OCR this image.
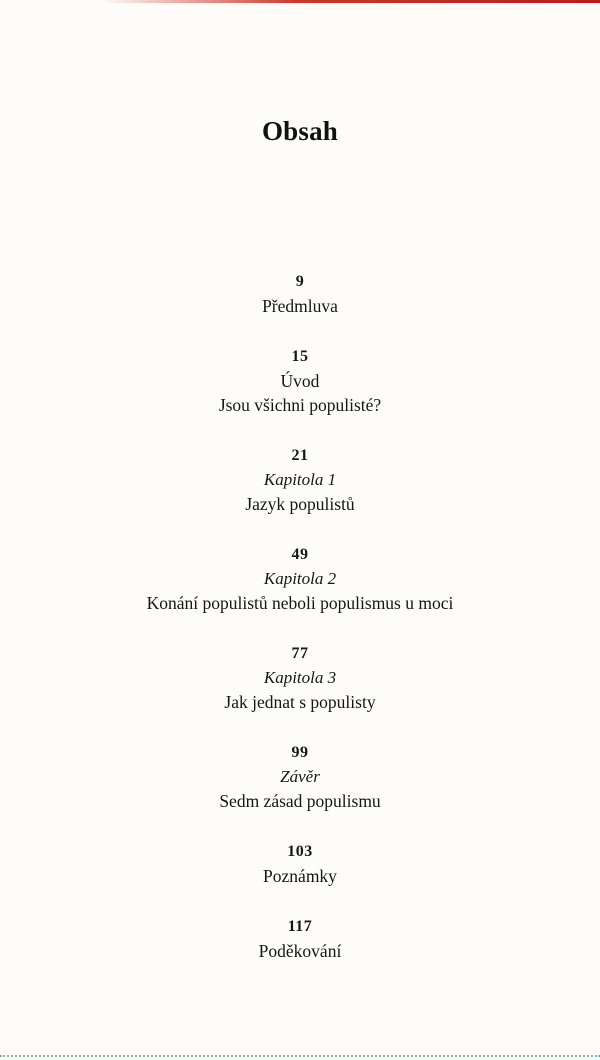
Obsah
9
Předmluva
15
Úvod
Jsou všichni populisté?
21
Kapitola 1
Jazyk populistů
49
Kapitola 2
Konání populistů neboli populismus u moci
77
Kapitola 3
Jak jednat s populisty
99
Závěr
Sedm zásad populismu
103
Poznámky
117
Poděkování
